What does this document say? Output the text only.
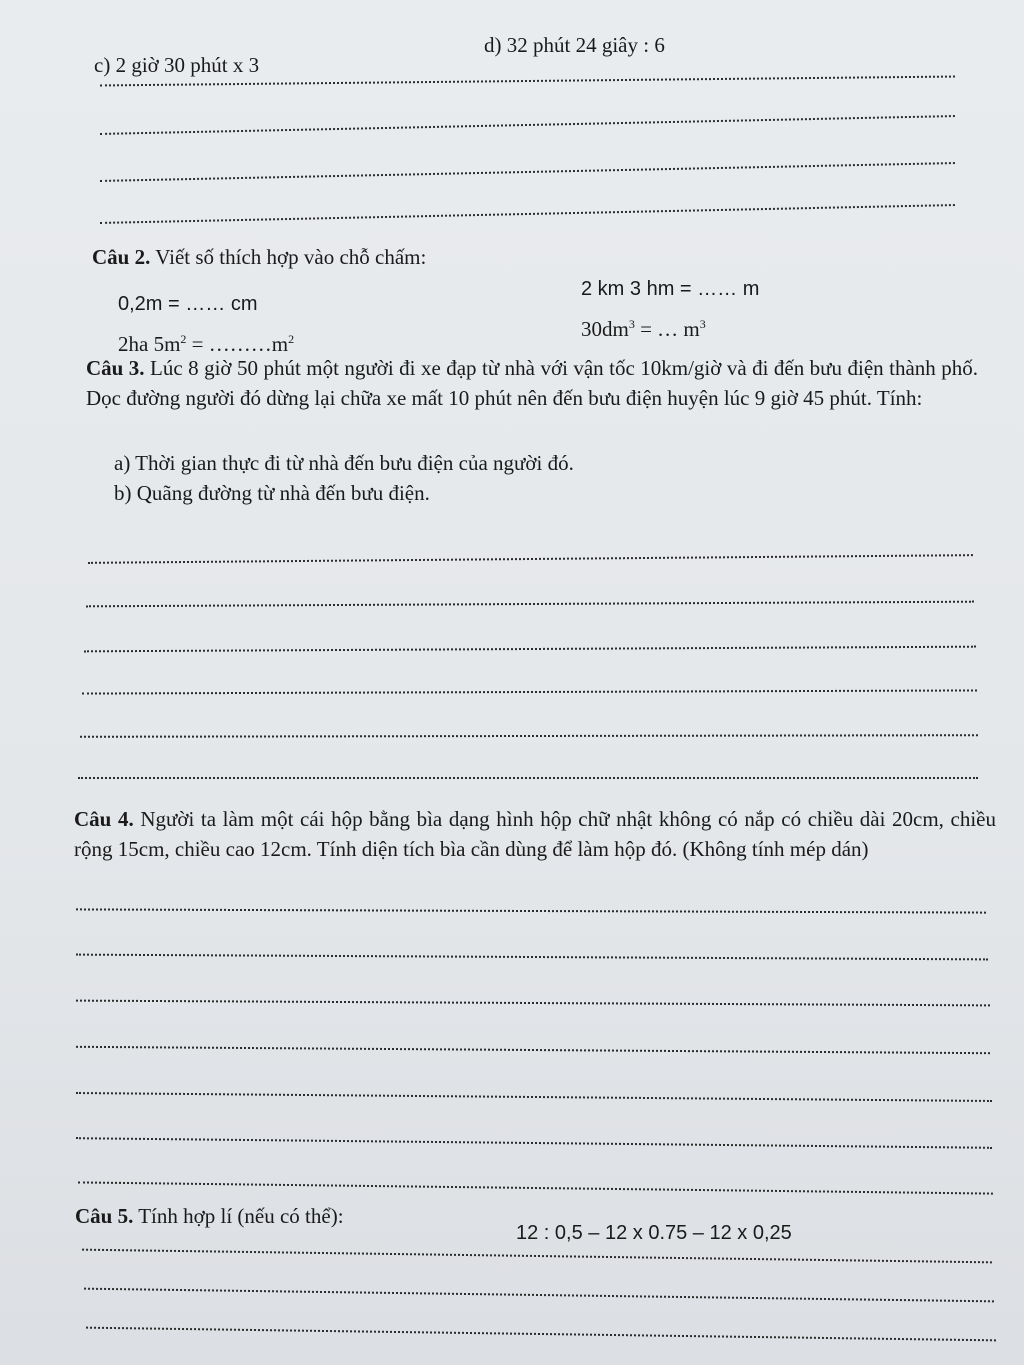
c) 2 giờ 30 phút x 3
d) 32 phút 24 giây : 6
Câu 2. Viết số thích hợp vào chỗ chấm:
0,2m = …… cm
2ha $5m^2$ = $\dots\dots\dots m^2$
2 km 3 hm = …… m
$30dm^3$ = … $m^3$
Câu 3. Lúc 8 giờ 50 phút một người đi xe đạp từ nhà với vận tốc 10km/giờ và đi đến bưu điện thành phố. Dọc đường người đó dừng lại chữa xe mất 10 phút nên đến bưu điện huyện lúc 9 giờ 45 phút. Tính:
a) Thời gian thực đi từ nhà đến bưu điện của người đó.
b) Quãng đường từ nhà đến bưu điện.
Câu 4. Người ta làm một cái hộp bằng bìa dạng hình hộp chữ nhật không có nắp có chiều dài 20cm, chiều rộng 15cm, chiều cao 12cm. Tính diện tích bìa cần dùng để làm hộp đó. (Không tính mép dán)
Câu 5. Tính hợp lí (nếu có thể):
12 : 0,5 – 12 x 0.75 – 12 x 0,25
